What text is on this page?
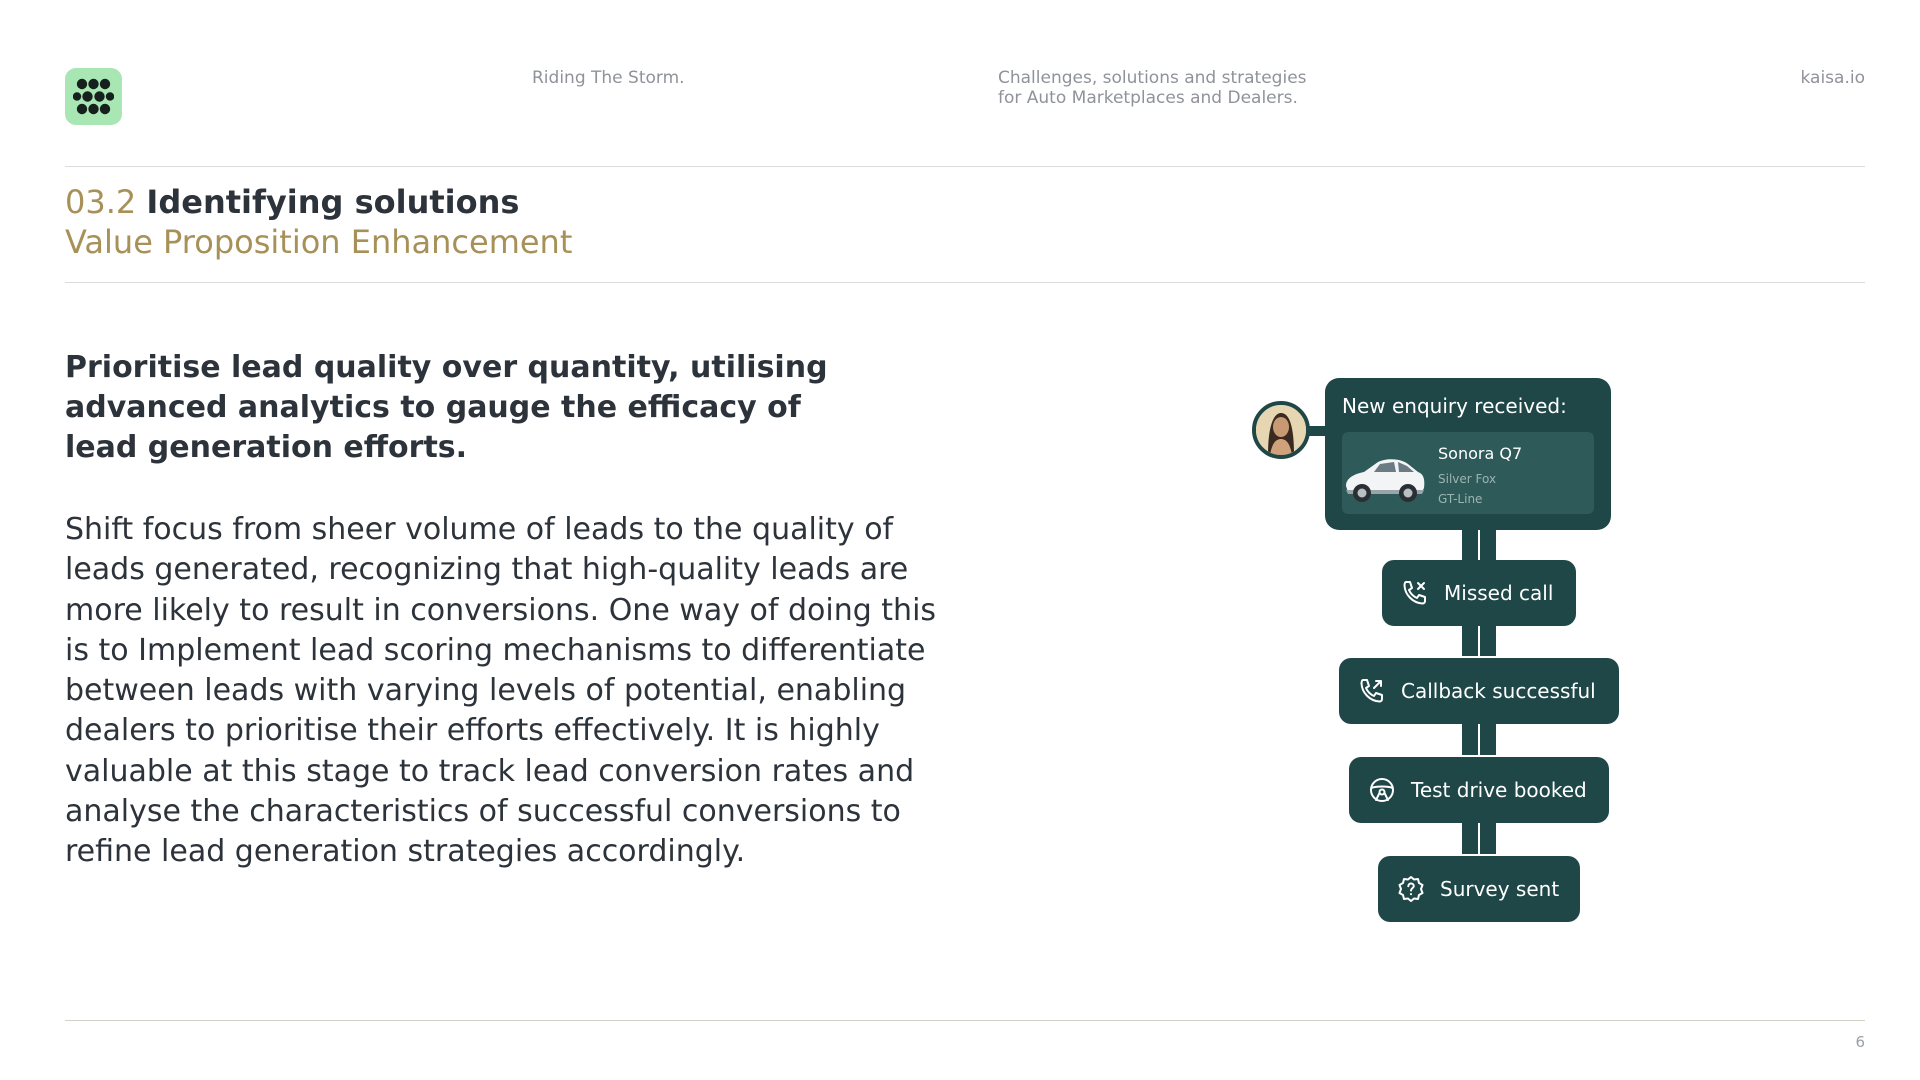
Riding The Storm.	Challenges, solutions and strategies
for Auto Marketplaces and Dealers.
kaisa.io
03.2 Identifying solutions
Value Proposition Enhancement
Prioritise lead quality over quantity, utilising advanced analytics to gauge the efficacy of lead generation efforts.
Shift focus from sheer volume of leads to the quality of leads generated, recognizing that high-quality leads are more likely to result in conversions. One way of doing this is to Implement lead scoring mechanisms to differentiate between leads with varying levels of potential, enabling dealers to prioritise their efforts effectively. It is highly valuable at this stage to track lead conversion rates and analyse the characteristics of successful conversions to refine lead generation strategies accordingly.
New enquiry received:
Sonora Q7
Silver Fox
GT-Line
Missed call
Callback successful
Test drive booked
Survey sent
6
